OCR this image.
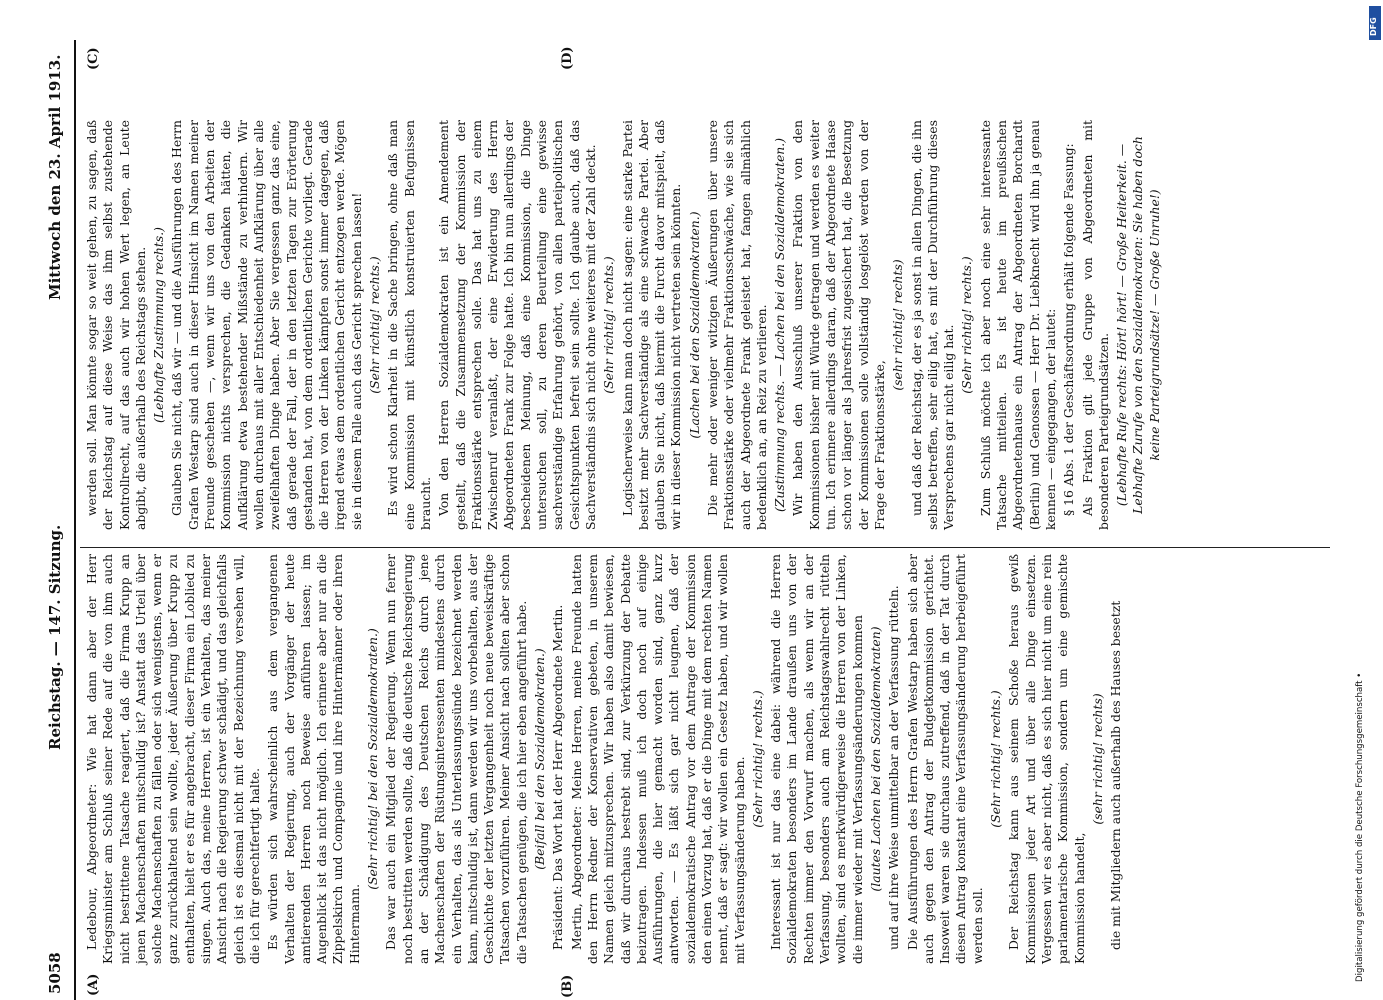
5058
Reichstag. — 147. Sitzung.
Mittwoch den 23. April 1913.
(A)	(B)
(C)	(D)

Ledebour, Abgeordneter: Wie hat dann aber der Herr Kriegsminister am Schluß seiner Rede auf die von ihm auch nicht bestrittene Tatsache reagiert, daß die Firma Krupp an jenen Machenschaften mitschuldig ist? Anstatt das Urteil über solche Machenschaften zu fällen oder sich wenigstens, wenn er ganz zurückhaltend sein wollte, jeder Äußerung über Krupp zu enthalten, hielt er es für angebracht, dieser Firma ein Loblied zu singen. Auch das, meine Herren, ist ein Verhalten, das meiner Ansicht nach die Regierung schwer schädigt, und das gleichfalls gleich ist es diesmal nicht mit der Bezeichnung versehen will, die ich für gerechtfertigt halte. Es würden sich wahrscheinlich aus dem vergangenen Verhalten der Regierung, auch der Vorgänger der heute amtierenden Herren noch Beweise anführen lassen; im Augenblick ist das nicht möglich. Ich erinnere aber nur an die Zippelskirch und Compagnie und ihre Hintermänner oder ihren Hintermann.

(Sehr richtig! bei den Sozialdemokraten.) Das war auch ein Mitglied der Regierung. Wenn nun ferner noch bestritten werden sollte, daß die deutsche Reichsregierung an der Schädigung des Deutschen Reichs durch jene Machenschaften der Rüstungsinteressenten mindestens durch ein Verhalten, das als Unterlassungssünde bezeichnet werden kann, mitschuldig ist, dann werden wir uns vorbehalten, aus der Geschichte der letzten Vergangenheit noch neue beweiskräftige Tatsachen vorzuführen. Meiner Ansicht nach sollten aber schon die Tatsachen genügen, die ich hier eben angeführt habe. (Beifall bei den Sozialdemokraten.) Präsident: Das Wort hat der Herr Abgeordnete Mertin. Mertin, Abgeordneter: Meine Herren, meine Freunde hatten den Herrn Redner der Konservativen gebeten, in unserem Namen gleich mitzusprechen. Wir haben also damit bewiesen, daß wir durchaus bestrebt sind, zur Verkürzung der Debatte beizutragen. Indessen muß ich doch noch auf einige Ausführungen, die hier gemacht worden sind, ganz kurz antworten. — Es läßt sich gar nicht leugnen, daß der sozialdemokratische Antrag vor dem Antrage der Kommission den einen Vorzug hat, daß er die Dinge mit dem rechten Namen nennt, daß er sagt: wir wollen ein Gesetz haben, und wir wollen mit Verfassungsänderung haben. (Sehr richtig! rechts.) Interessant ist nur das eine dabei: während die Herren Sozialdemokraten besonders im Lande draußen uns von der Rechten immer den Vorwurf machen, als wenn wir an der Verfassung, besonders auch am Reichstagswahlrecht rütteln wollten, sind es merkwürdigerweise die Herren von der Linken, die immer wieder mit Verfassungsänderungen kommen (lautes Lachen bei den Sozialdemokraten) und auf ihre Weise unmittelbar an der Verfassung rütteln. Die Ausführungen des Herrn Grafen Westarp haben sich aber auch gegen den Antrag der Budgetkommission gerichtet. Insoweit waren sie durchaus zutreffend, daß in der Tat durch diesen Antrag konstant eine Verfassungsänderung herbeigeführt werden soll.

(Sehr richtig! rechts.) Der Reichstag kann aus seinem Schoße heraus gewiß Kommissionen jeder Art und über alle Dinge einsetzen. Vergessen wir es aber nicht, daß es sich hier nicht um eine rein parlamentarische Kommission, sondern um eine gemischte Kommission handelt,

(sehr richtig! rechts) die mit Mitgliedern auch außerhalb des Hauses besetzt

werden soll. Man könnte sogar so weit gehen, zu sagen, daß der Reichstag auf diese Weise das ihm selbst zustehende Kontrollrecht, auf das auch wir hohen Wert legen, an Leute abgibt, die außerhalb des Reichstags stehen. (Lebhafte Zustimmung rechts.) Glauben Sie nicht, daß wir — und die Ausführungen des Herrn Grafen Westarp sind auch in dieser Hinsicht im Namen meiner Freunde geschehen —, wenn wir uns von den Arbeiten der Kommission nichts versprechen, die Gedanken hätten, die Aufklärung etwa bestehender Mißstände zu verhindern. Wir wollen durchaus mit aller Entschiedenheit Aufklärung über alle zweifelhaften Dinge haben. Aber Sie vergessen ganz das eine, daß gerade der Fall, der in den letzten Tagen zur Erörterung gestanden hat, von dem ordentlichen Gerichte vorliegt. Gerade die Herren von der Linken kämpfen sonst immer dagegen, daß irgend etwas dem ordentlichen Gericht entzogen werde. Mögen sie in diesem Falle auch das Gericht sprechen lassen! (Sehr richtig! rechts.) Es wird schon Klarheit in die Sache bringen, ohne daß man eine Kommission mit künstlich konstruierten Befugnissen braucht. Von den Herren Sozialdemokraten ist ein Amendement gestellt, daß die Zusammensetzung der Kommission der Fraktionsstärke entsprechen solle. Das hat uns zu einem Zwischenruf veranlaßt, der eine Erwiderung des Herrn Abgeordneten Frank zur Folge hatte. Ich bin nun allerdings der bescheidenen Meinung, daß eine Kommission, die Dinge untersuchen soll, zu deren Beurteilung eine gewisse sachverständige Erfahrung gehört, von allen parteipolitischen Gesichtspunkten befreit sein sollte. Ich glaube auch, daß das Sachverständnis sich nicht ohne weiteres mit der Zahl deckt. (Sehr richtig! rechts.) Logischerweise kann man doch nicht sagen: eine starke Partei besitzt mehr Sachverständige als eine schwache Partei. Aber glauben Sie nicht, daß hiermit die Furcht davor mitspielt, daß wir in dieser Kommission nicht vertreten sein könnten. (Lachen bei den Sozialdemokraten.) Die mehr oder weniger witzigen Äußerungen über unsere Fraktionsstärke oder vielmehr Fraktionsschwäche, wie sie sich auch der Abgeordnete Frank geleistet hat, fangen allmählich bedenklich an, an Reiz zu verlieren. (Zustimmung rechts. — Lachen bei den Sozialdemokraten.) Wir haben den Ausschluß unserer Fraktion von den Kommissionen bisher mit Würde getragen und werden es weiter tun. Ich erinnere allerdings daran, daß der Abgeordnete Haase schon vor länger als Jahresfrist zugesichert hat, die Besetzung der Kommissionen solle vollständig losgelöst werden von der Frage der Fraktionsstärke,

(sehr richtig! rechts) und daß der Reichstag, der es ja sonst in allen Dingen, die ihn selbst betreffen, sehr eilig hat, es mit der Durchführung dieses Versprechens gar nicht eilig hat. (Sehr richtig! rechts.) Zum Schluß möchte ich aber noch eine sehr interessante Tatsache mitteilen. Es ist heute im preußischen Abgeordnetenhause ein Antrag der Abgeordneten Borchardt (Berlin) und Genossen — Herr Dr. Liebknecht wird ihn ja genau kennen — eingegangen, der lautet: § 16 Abs. 1 der Geschäftsordnung erhält folgende Fassung: Als Fraktion gilt jede Gruppe von Abgeordneten mit besonderen Parteigrundsätzen. (Lebhafte Rufe rechts: Hört! hört! — Große Heiterkeit. — Lebhafte Zurufe von den Sozialdemokraten: Sie haben doch keine Parteigrundsätze! — Große Unruhe!)

Digitalisierung gefördert durch die Deutsche Forschungsgemeinschaft •
DFG
